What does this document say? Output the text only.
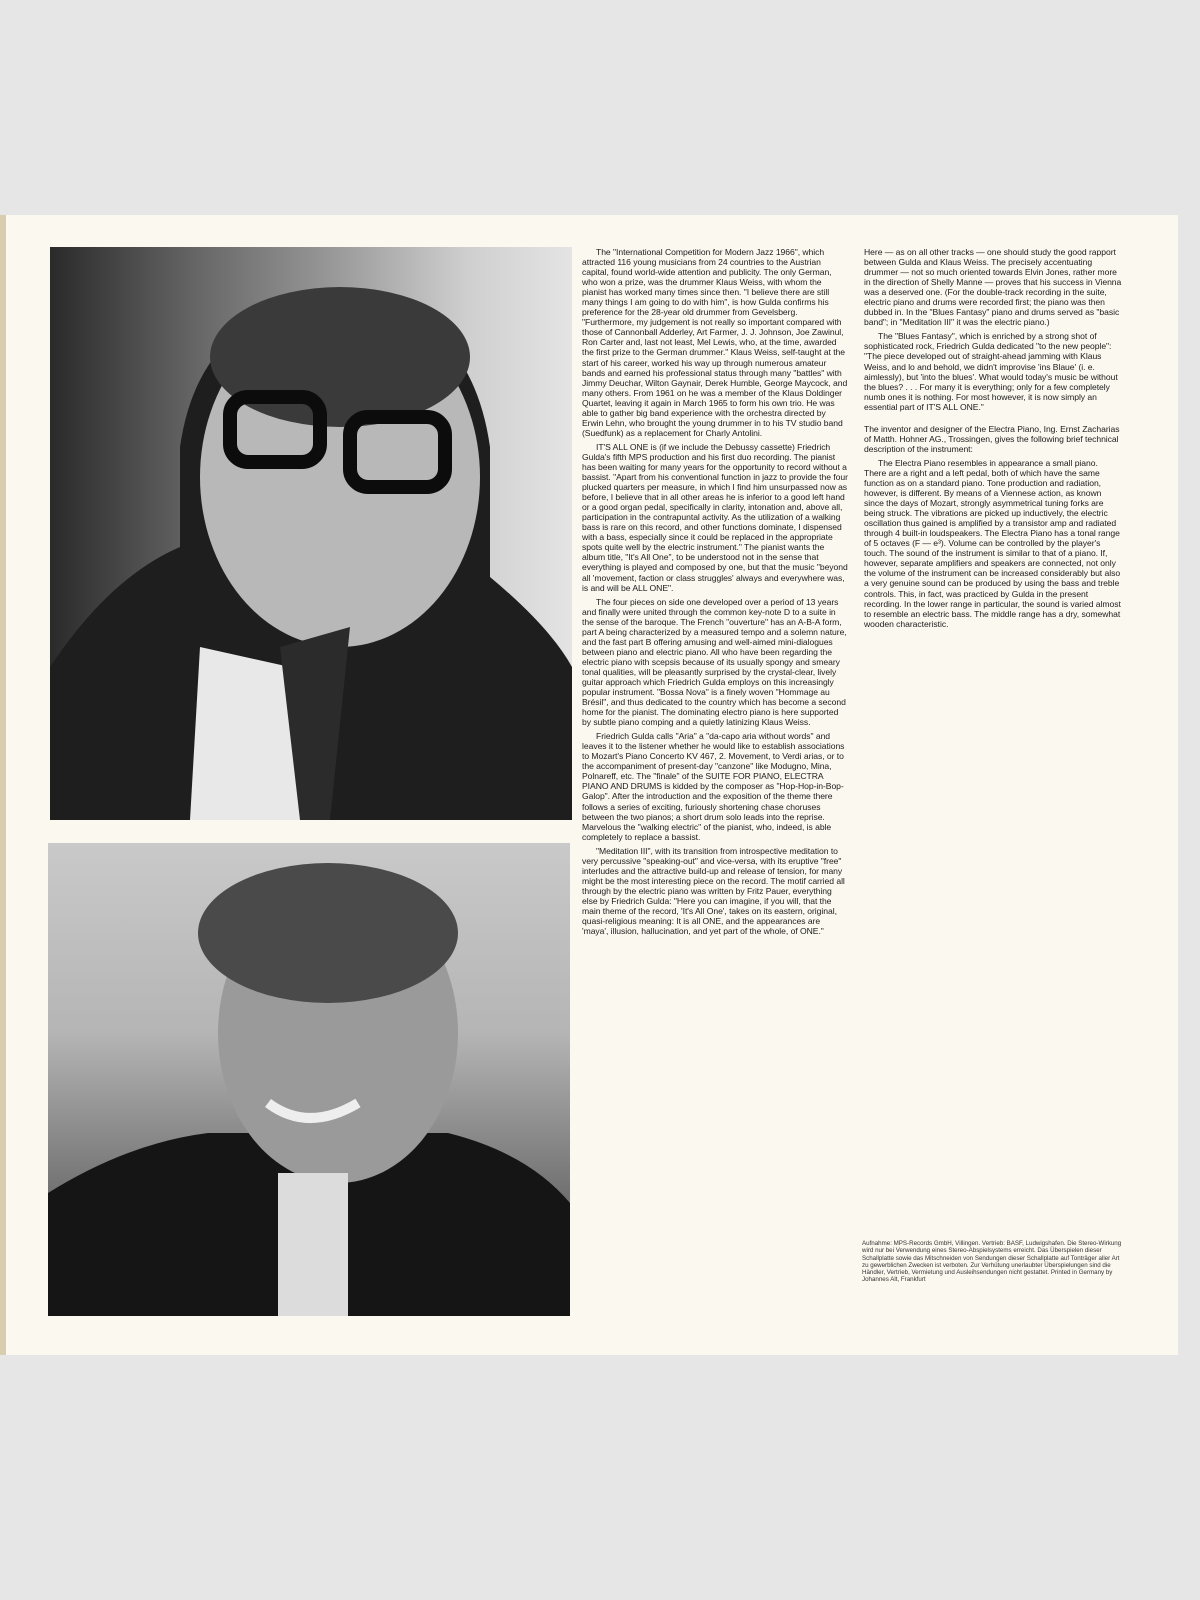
The "International Competition for Modern Jazz 1966", which attracted 116 young musicians from 24 countries to the Austrian capital, found world-wide attention and publicity. The only German, who won a prize, was the drummer Klaus Weiss, with whom the pianist has worked many times since then. "I believe there are still many things I am going to do with him", is how Gulda confirms his preference for the 28-year old drummer from Gevelsberg. "Furthermore, my judgement is not really so important compared with those of Cannonball Adderley, Art Farmer, J. J. Johnson, Joe Zawinul, Ron Carter and, last not least, Mel Lewis, who, at the time, awarded the first prize to the German drummer." Klaus Weiss, self-taught at the start of his career, worked his way up through numerous amateur bands and earned his professional status through many "battles" with Jimmy Deuchar, Wilton Gaynair, Derek Humble, George Maycock, and many others. From 1961 on he was a member of the Klaus Doldinger Quartet, leaving it again in March 1965 to form his own trio. He was able to gather big band experience with the orchestra directed by Erwin Lehn, who brought the young drummer in to his TV studio band (Suedfunk) as a replacement for Charly Antolini.

IT'S ALL ONE is (if we include the Debussy cassette) Friedrich Gulda's fifth MPS production and his first duo recording. The pianist has been waiting for many years for the opportunity to record without a bassist. "Apart from his conventional function in jazz to provide the four plucked quarters per measure, in which I find him unsurpassed now as before, I believe that in all other areas he is inferior to a good left hand or a good organ pedal, specifically in clarity, intonation and, above all, participation in the contrapuntal activity. As the utilization of a walking bass is rare on this record, and other functions dominate, I dispensed with a bass, especially since it could be replaced in the appropriate spots quite well by the electric instrument." The pianist wants the album title, "It's All One", to be understood not in the sense that everything is played and composed by one, but that the music "beyond all 'movement, faction or class struggles' always and everywhere was, is and will be ALL ONE".

The four pieces on side one developed over a period of 13 years and finally were united through the common key-note D to a suite in the sense of the baroque. The French "ouverture" has an A-B-A form, part A being characterized by a measured tempo and a solemn nature, and the fast part B offering amusing and well-aimed mini-dialogues between piano and electric piano. All who have been regarding the electric piano with scepsis because of its usually spongy and smeary tonal qualities, will be pleasantly surprised by the crystal-clear, lively guitar approach which Friedrich Gulda employs on this increasingly popular instrument. "Bossa Nova" is a finely woven "Hommage au Brésil", and thus dedicated to the country which has become a second home for the pianist. The dominating electro piano is here supported by subtle piano comping and a quietly latinizing Klaus Weiss.

Friedrich Gulda calls "Aria" a "da-capo aria without words" and leaves it to the listener whether he would like to establish associations to Mozart's Piano Concerto KV 467, 2. Movement, to Verdi arias, or to the accompaniment of present-day "canzone" like Modugno, Mina, Polnareff, etc. The "finale" of the SUITE FOR PIANO, ELECTRA PIANO AND DRUMS is kidded by the composer as "Hop-Hop-in-Bop-Galop". After the introduction and the exposition of the theme there follows a series of exciting, furiously shortening chase choruses between the two pianos; a short drum solo leads into the reprise. Marvelous the "walking electric" of the pianist, who, indeed, is able completely to replace a bassist.

"Meditation III", with its transition from introspective meditation to very percussive "speaking-out" and vice-versa, with its eruptive "free" interludes and the attractive build-up and release of tension, for many might be the most interesting piece on the record. The motif carried all through by the electric piano was written by Fritz Pauer, everything else by Friedrich Gulda: "Here you can imagine, if you will, that the main theme of the record, 'It's All One', takes on its eastern, original, quasi-religious meaning: It is all ONE, and the appearances are 'maya', illusion, hallucination, and yet part of the whole, of ONE."

Here — as on all other tracks — one should study the good rapport between Gulda and Klaus Weiss. The precisely accentuating drummer — not so much oriented towards Elvin Jones, rather more in the direction of Shelly Manne — proves that his success in Vienna was a deserved one. (For the double-track recording in the suite, electric piano and drums were recorded first; the piano was then dubbed in. In the "Blues Fantasy" piano and drums served as "basic band"; in "Meditation III" it was the electric piano.)

The "Blues Fantasy", which is enriched by a strong shot of sophisticated rock, Friedrich Gulda dedicated "to the new people": "The piece developed out of straight-ahead jamming with Klaus Weiss, and lo and behold, we didn't improvise 'ins Blaue' (i. e. aimlessly), but 'into the blues'. What would today's music be without the blues? . . . For many it is everything; only for a few completely numb ones it is nothing. For most however, it is now simply an essential part of IT'S ALL ONE."

The inventor and designer of the Electra Piano, Ing. Ernst Zacharias of Matth. Hohner AG., Trossingen, gives the following brief technical description of the instrument:

The Electra Piano resembles in appearance a small piano. There are a right and a left pedal, both of which have the same function as on a standard piano. Tone production and radiation, however, is different. By means of a Viennese action, as known since the days of Mozart, strongly asymmetrical tuning forks are being struck. The vibrations are picked up inductively, the electric oscillation thus gained is amplified by a transistor amp and radiated through 4 built-in loudspeakers. The Electra Piano has a tonal range of 5 octaves (F — e³). Volume can be controlled by the player's touch. The sound of the instrument is similar to that of a piano. If, however, separate amplifiers and speakers are connected, not only the volume of the instrument can be increased considerably but also a very genuine sound can be produced by using the bass and treble controls. This, in fact, was practiced by Gulda in the present recording. In the lower range in particular, the sound is varied almost to resemble an electric bass. The middle range has a dry, somewhat wooden characteristic.

Aufnahme: MPS-Records GmbH, Villingen. Vertrieb: BASF, Ludwigshafen. Die Stereo-Wirkung wird nur bei Verwendung eines Stereo-Abspielsystems erreicht. Das Überspielen dieser Schallplatte sowie das Mitschneiden von Sendungen dieser Schallplatte auf Tonträger aller Art zu gewerblichen Zwecken ist verboten. Zur Verhütung unerlaubter Überspielungen sind die Händler, Vertrieb, Vermietung und Ausleihsendungen nicht gestattet. Printed in Germany by Johannes Alt, Frankfurt
